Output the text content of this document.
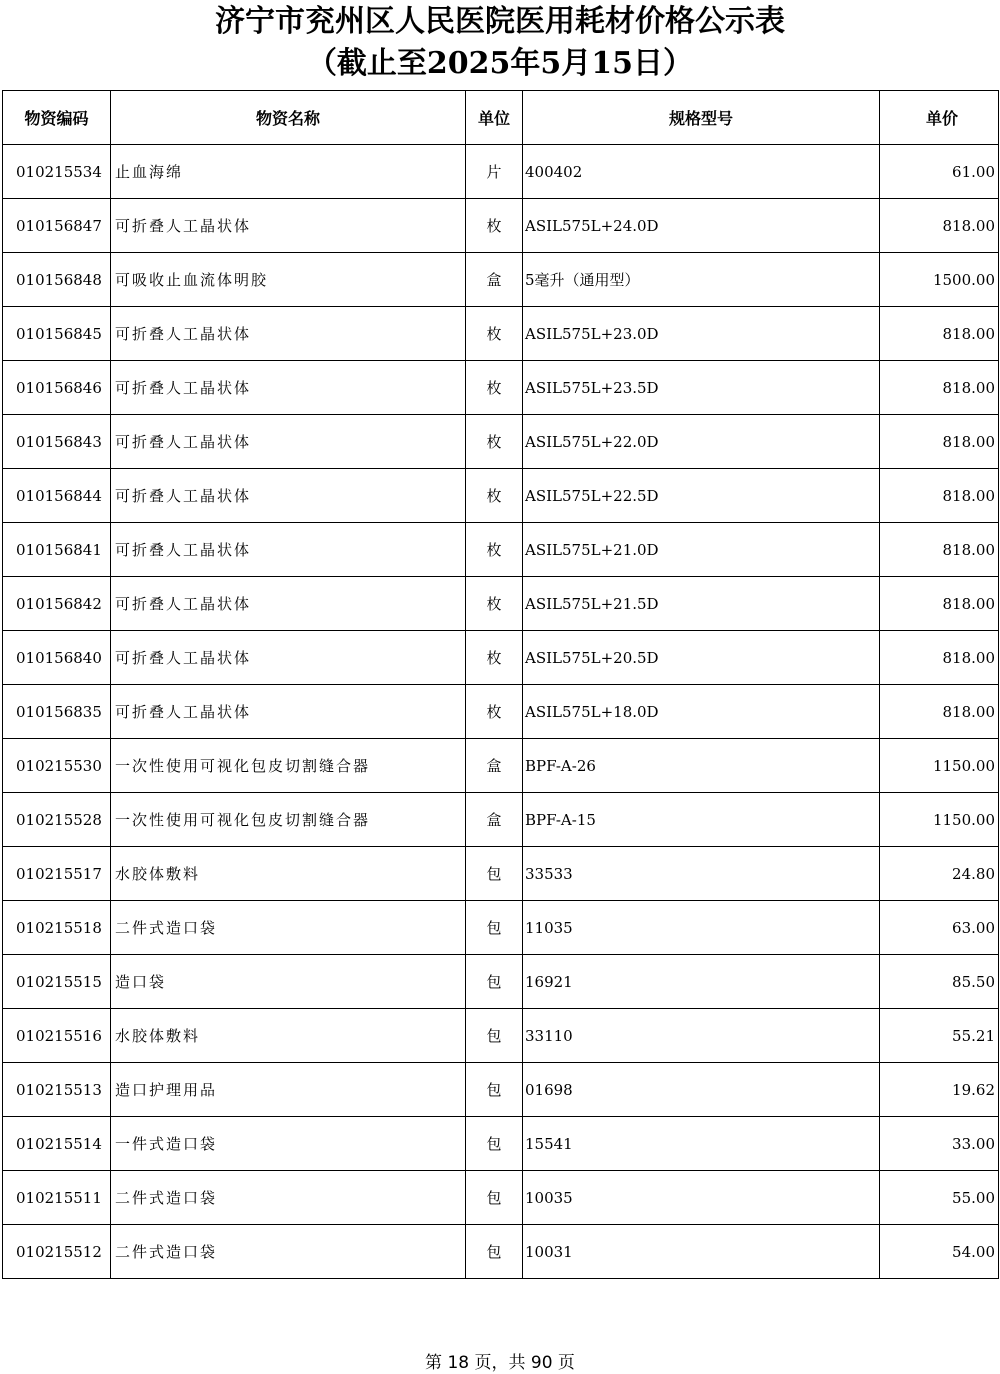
济宁市兖州区人民医院医用耗材价格公示表
（截止至2025年5月15日）
物资编码	物资名称	单位	规格型号	单价
010215534	止血海绵	片	400402	61.00
010156847	可折叠人工晶状体	枚	ASIL575L+24.0D	818.00
010156848	可吸收止血流体明胶	盒	5毫升（通用型）	1500.00
010156845	可折叠人工晶状体	枚	ASIL575L+23.0D	818.00
010156846	可折叠人工晶状体	枚	ASIL575L+23.5D	818.00
010156843	可折叠人工晶状体	枚	ASIL575L+22.0D	818.00
010156844	可折叠人工晶状体	枚	ASIL575L+22.5D	818.00
010156841	可折叠人工晶状体	枚	ASIL575L+21.0D	818.00
010156842	可折叠人工晶状体	枚	ASIL575L+21.5D	818.00
010156840	可折叠人工晶状体	枚	ASIL575L+20.5D	818.00
010156835	可折叠人工晶状体	枚	ASIL575L+18.0D	818.00
010215530	一次性使用可视化包皮切割缝合器	盒	BPF-A-26	1150.00
010215528	一次性使用可视化包皮切割缝合器	盒	BPF-A-15	1150.00
010215517	水胶体敷料	包	33533	24.80
010215518	二件式造口袋	包	11035	63.00
010215515	造口袋	包	16921	85.50
010215516	水胶体敷料	包	33110	55.21
010215513	造口护理用品	包	01698	19.62
010215514	一件式造口袋	包	15541	33.00
010215511	二件式造口袋	包	10035	55.00
010215512	二件式造口袋	包	10031	54.00
第 18 页，共 90 页
